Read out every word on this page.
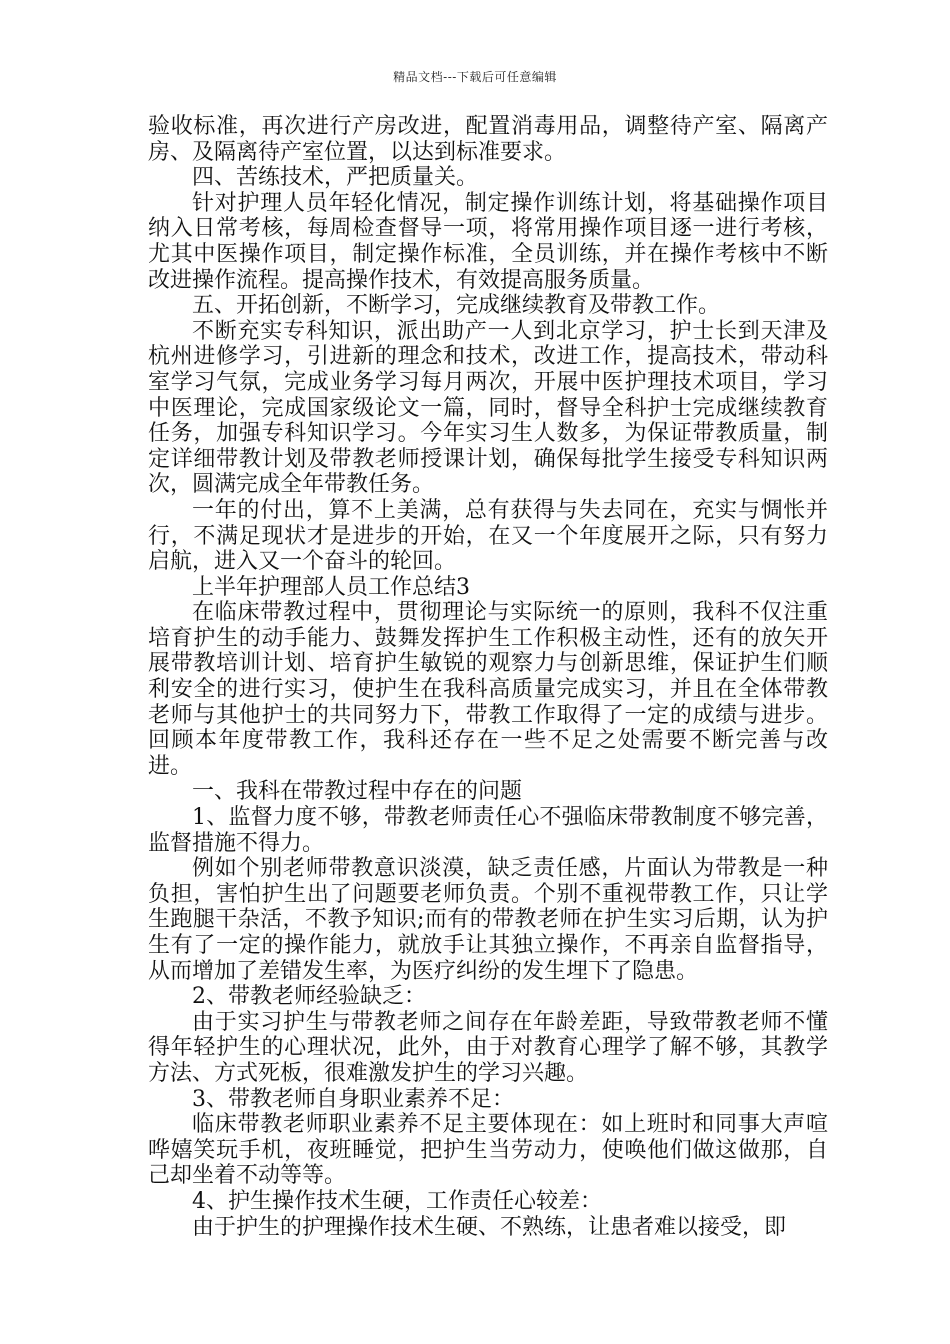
精品文档---下载后可任意编辑

验收标准，再次进行产房改进，配置消毒用品，调整待产室、隔离产房、及隔离待产室位置，以达到标准要求。

四、苦练技术，严把质量关。

针对护理人员年轻化情况，制定操作训练计划，将基础操作项目纳入日常考核，每周检查督导一项，将常用操作项目逐一进行考核，尤其中医操作项目，制定操作标准，全员训练，并在操作考核中不断改进操作流程。提高操作技术，有效提高服务质量。

五、开拓创新，不断学习，完成继续教育及带教工作。

不断充实专科知识，派出助产一人到北京学习，护士长到天津及杭州进修学习，引进新的理念和技术，改进工作，提高技术，带动科室学习气氛，完成业务学习每月两次，开展中医护理技术项目，学习中医理论，完成国家级论文一篇，同时，督导全科护士完成继续教育任务，加强专科知识学习。今年实习生人数多，为保证带教质量，制定详细带教计划及带教老师授课计划，确保每批学生接受专科知识两次，圆满完成全年带教任务。

一年的付出，算不上美满，总有获得与失去同在，充实与惆怅并行，不满足现状才是进步的开始，在又一个年度展开之际，只有努力启航，进入又一个奋斗的轮回。

上半年护理部人员工作总结3

在临床带教过程中，贯彻理论与实际统一的原则，我科不仅注重培育护生的动手能力、鼓舞发挥护生工作积极主动性，还有的放矢开展带教培训计划、培育护生敏锐的观察力与创新思维，保证护生们顺利安全的进行实习，使护生在我科高质量完成实习，并且在全体带教老师与其他护士的共同努力下，带教工作取得了一定的成绩与进步。回顾本年度带教工作，我科还存在一些不足之处需要不断完善与改进。

一、我科在带教过程中存在的问题

1、监督力度不够，带教老师责任心不强临床带教制度不够完善，监督措施不得力。

例如个别老师带教意识淡漠，缺乏责任感，片面认为带教是一种负担，害怕护生出了问题要老师负责。个别不重视带教工作，只让学生跑腿干杂活，不教予知识;而有的带教老师在护生实习后期，认为护生有了一定的操作能力，就放手让其独立操作，不再亲自监督指导，从而增加了差错发生率，为医疗纠纷的发生埋下了隐患。

2、带教老师经验缺乏：

由于实习护生与带教老师之间存在年龄差距，导致带教老师不懂得年轻护生的心理状况，此外，由于对教育心理学了解不够，其教学方法、方式死板，很难激发护生的学习兴趣。

3、带教老师自身职业素养不足：

临床带教老师职业素养不足主要体现在：如上班时和同事大声喧哗嬉笑玩手机，夜班睡觉，把护生当劳动力，使唤他们做这做那，自己却坐着不动等等。

4、护生操作技术生硬，工作责任心较差：

由于护生的护理操作技术生硬、不熟练，让患者难以接受，即
